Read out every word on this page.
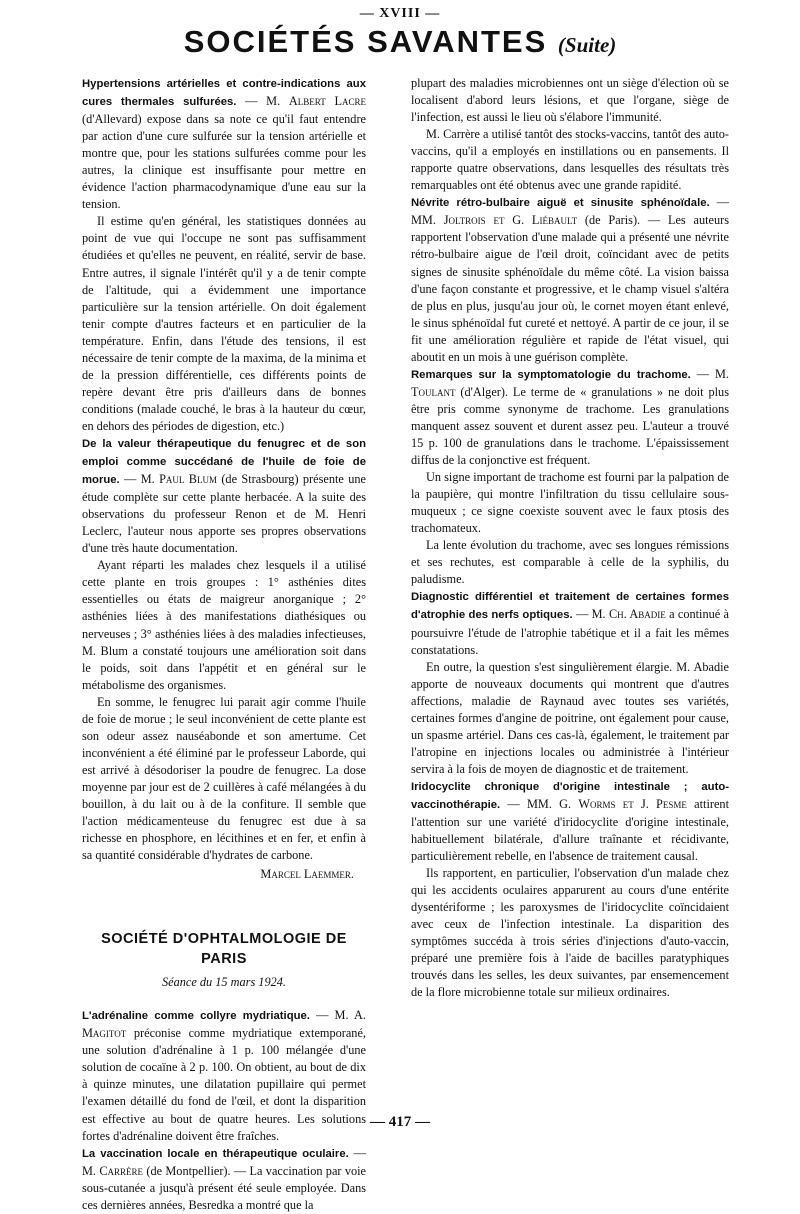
— XVIII —
SOCIÉTÉS SAVANTES (Suite)

Hypertensions artérielles et contre-indications aux cures thermales sulfurées. — M. Albert Lacre (d'Allevard) expose dans sa note ce qu'il faut entendre par action d'une cure sulfurée sur la tension artérielle et montre que, pour les stations sulfurées comme pour les autres, la clinique est insuffisante pour mettre en évidence l'action pharmacodynamique d'une eau sur la tension.

Il estime qu'en général, les statistiques données au point de vue qui l'occupe ne sont pas suffisamment étudiées et qu'elles ne peuvent, en réalité, servir de base. Entre autres, il signale l'intérêt qu'il y a de tenir compte de l'altitude, qui a évidemment une importance particulière sur la tension artérielle. On doit également tenir compte d'autres facteurs et en particulier de la température. Enfin, dans l'étude des tensions, il est nécessaire de tenir compte de la maxima, de la minima et de la pression différentielle, ces différents points de repère devant être pris d'ailleurs dans de bonnes conditions (malade couché, le bras à la hauteur du cœur, en dehors des périodes de digestion, etc.)

De la valeur thérapeutique du fenugrec et de son emploi comme succédané de l'huile de foie de morue. — M. Paul Blum (de Strasbourg) présente une étude complète sur cette plante herbacée. A la suite des observations du professeur Renon et de M. Henri Leclerc, l'auteur nous apporte ses propres observations d'une très haute documentation.

Ayant réparti les malades chez lesquels il a utilisé cette plante en trois groupes : 1° asthénies dites essentielles ou états de maigreur anorganique ; 2° asthénies liées à des manifestations diathésiques ou nerveuses ; 3° asthénies liées à des maladies infectieuses, M. Blum a constaté toujours une amélioration soit dans le poids, soit dans l'appétit et en général sur le métabolisme des organismes.

En somme, le fenugrec lui parait agir comme l'huile de foie de morue ; le seul inconvénient de cette plante est son odeur assez nauséabonde et son amertume. Cet inconvénient a été éliminé par le professeur Laborde, qui est arrivé à désodoriser la poudre de fenugrec. La dose moyenne par jour est de 2 cuillères à café mélangées à du bouillon, à du lait ou à de la confiture. Il semble que l'action médicamenteuse du fenugrec est due à sa richesse en phosphore, en lécithines et en fer, et enfin à sa quantité considérable d'hydrates de carbone.

Marcel Laemmer.
SOCIÉTÉ D'OPHTALMOLOGIE DE PARIS
Séance du 15 mars 1924.

L'adrénaline comme collyre mydriatique. — M. A. Magitot préconise comme mydriatique extemporané, une solution d'adrénaline à 1 p. 100 mélangée d'une solution de cocaïne à 2 p. 100. On obtient, au bout de dix à quinze minutes, une dilatation pupillaire qui permet l'examen détaillé du fond de l'œil, et dont la disparition est effective au bout de quatre heures. Les solutions fortes d'adrénaline doivent être fraîches.

La vaccination locale en thérapeutique oculaire. — M. Carrère (de Montpellier). — La vaccination par voie sous-cutanée a jusqu'à présent été seule employée. Dans ces dernières années, Besredka a montré que la

plupart des maladies microbiennes ont un siège d'élection où se localisent d'abord leurs lésions, et que l'organe, siège de l'infection, est aussi le lieu où s'élabore l'immunité.

M. Carrère a utilisé tantôt des stocks-vaccins, tantôt des auto-vaccins, qu'il a employés en instillations ou en pansements. Il rapporte quatre observations, dans lesquelles des résultats très remarquables ont été obtenus avec une grande rapidité.

Névrite rétro-bulbaire aiguë et sinusite sphénoïdale. — MM. Joltrois et G. Liébault (de Paris). — Les auteurs rapportent l'observation d'une malade qui a présenté une névrite rétro-bulbaire aigue de l'œil droit, coïncidant avec de petits signes de sinusite sphénoïdale du même côté. La vision baissa d'une façon constante et progressive, et le champ visuel s'altéra de plus en plus, jusqu'au jour où, le cornet moyen étant enlevé, le sinus sphénoïdal fut cureté et nettoyé. A partir de ce jour, il se fit une amélioration régulière et rapide de l'état visuel, qui aboutit en un mois à une guérison complète.

Remarques sur la symptomatologie du trachome. — M. Toulant (d'Alger). Le terme de « granulations » ne doit plus être pris comme synonyme de trachome. Les granulations manquent assez souvent et durent assez peu. L'auteur a trouvé 15 p. 100 de granulations dans le trachome. L'épaississement diffus de la conjonctive est fréquent.

Un signe important de trachome est fourni par la palpation de la paupière, qui montre l'infiltration du tissu cellulaire sous-muqueux ; ce signe coexiste souvent avec le faux ptosis des trachomateux.

La lente évolution du trachome, avec ses longues rémissions et ses rechutes, est comparable à celle de la syphilis, du paludisme.

Diagnostic différentiel et traitement de certaines formes d'atrophie des nerfs optiques. — M. Ch. Abadie a continué à poursuivre l'étude de l'atrophie tabétique et il a fait les mêmes constatations.

En outre, la question s'est singulièrement élargie. M. Abadie apporte de nouveaux documents qui montrent que d'autres affections, maladie de Raynaud avec toutes ses variétés, certaines formes d'angine de poitrine, ont également pour cause, un spasme artériel. Dans ces cas-là, également, le traitement par l'atropine en injections locales ou administrée à l'intérieur servira à la fois de moyen de diagnostic et de traitement.

Iridocyclite chronique d'origine intestinale ; auto-vaccinothérapie. — MM. G. Worms et J. Pesme attirent l'attention sur une variété d'iridocyclite d'origine intestinale, habituellement bilatérale, d'allure traînante et récidivante, particulièrement rebelle, en l'absence de traitement causal.

Ils rapportent, en particulier, l'observation d'un malade chez qui les accidents oculaires apparurent au cours d'une entérite dysentériforme ; les paroxysmes de l'iridocyclite coïncidaient avec ceux de l'infection intestinale. La disparition des symptômes succéda à trois séries d'injections d'auto-vaccin, préparé une première fois à l'aide de bacilles paratyphiques trouvés dans les selles, les deux suivantes, par ensemencement de la flore microbienne totale sur milieux ordinaires.

— 417 —
